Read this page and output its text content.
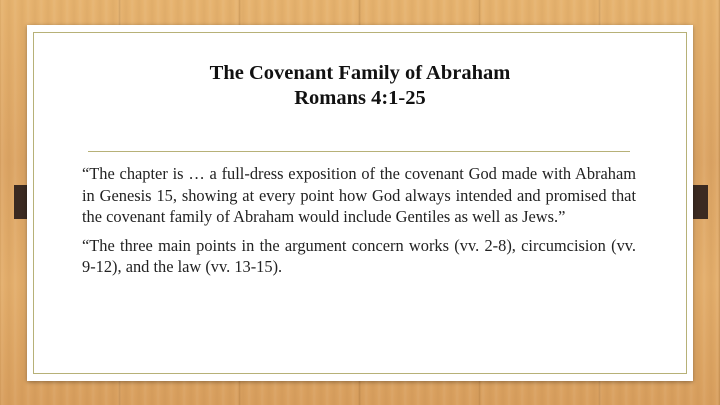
The Covenant Family of Abraham
Romans 4:1-25

“The chapter is … a full-dress exposition of the covenant God made with Abraham in Genesis 15, showing at every point how God always intended and promised that the covenant family of Abraham would include Gentiles as well as Jews.”

“The three main points in the argument concern works (vv. 2-8), circumcision (vv. 9-12), and the law (vv. 13-15).
